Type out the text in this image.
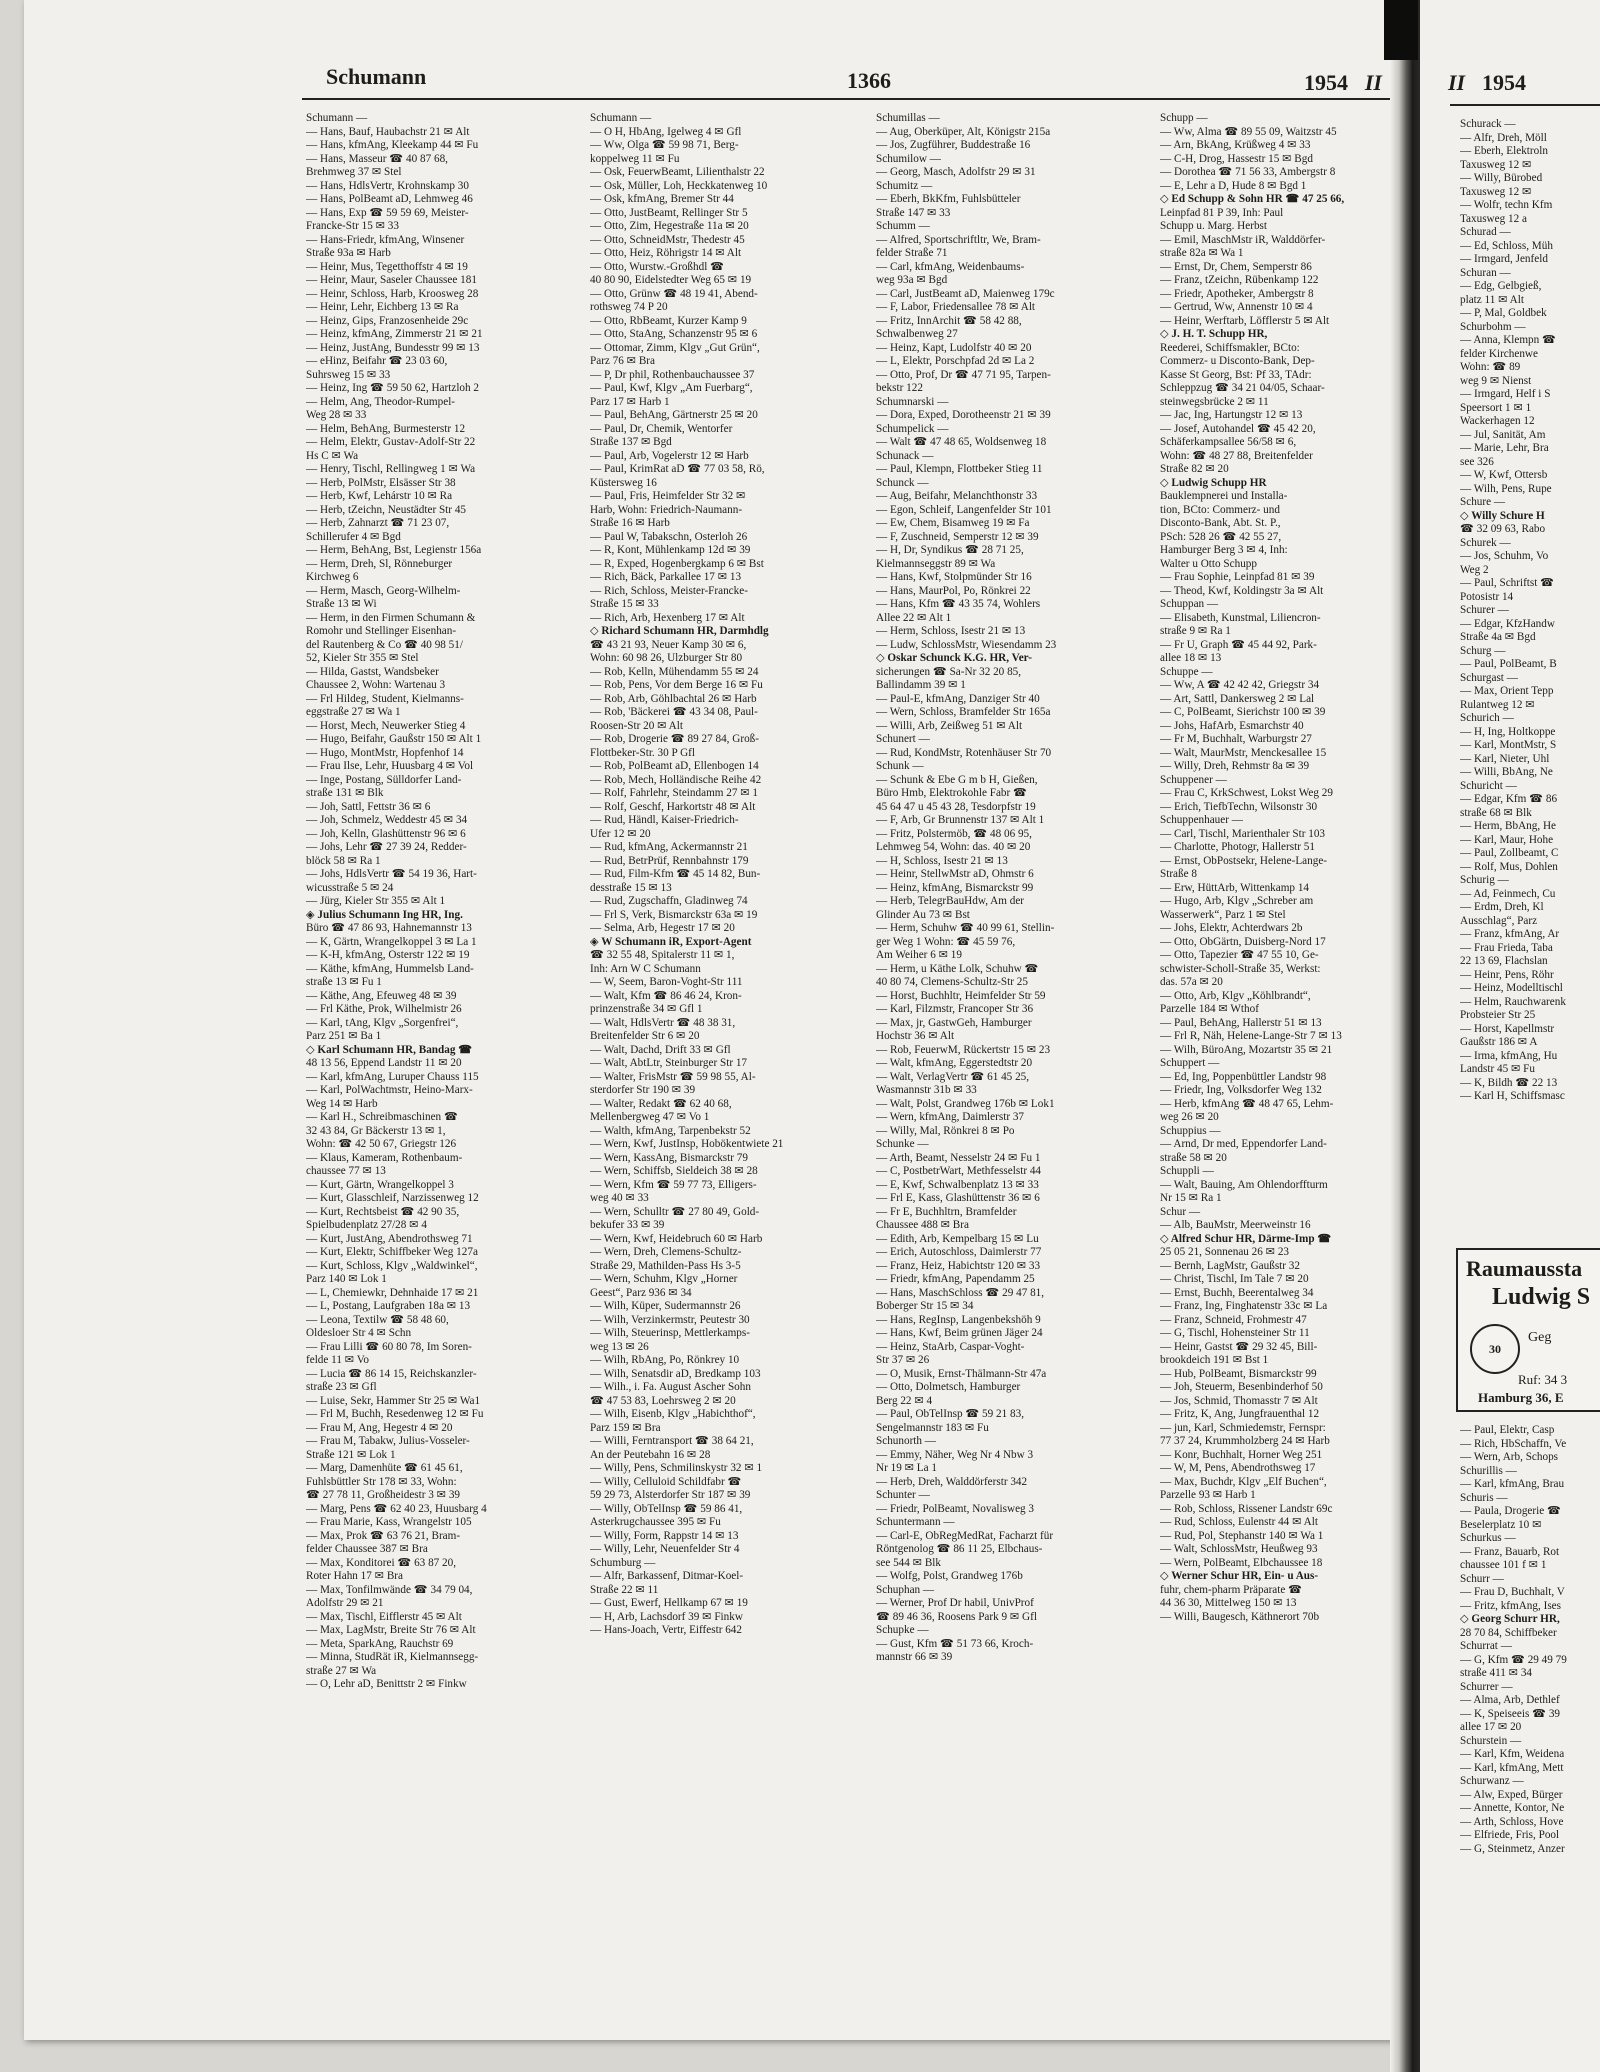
Schumann	1366	1954 II
Schumann —
— Hans, Bauf, Haubachstr 21 ✉ Alt
— Hans, kfmAng, Kleekamp 44 ✉ Fu
— Hans, Masseur ☎ 40 87 68,
Brehmweg 37 ✉ Stel
— Hans, HdlsVertr, Krohnskamp 30
— Hans, PolBeamt aD, Lehmweg 46
— Hans, Exp ☎ 59 59 69, Meister-
Francke-Str 15 ✉ 33
— Hans-Friedr, kfmAng, Winsener
Straße 93a ✉ Harb
— Heinr, Mus, Tegetthoffstr 4 ✉ 19
— Heinr, Maur, Saseler Chaussee 181
— Heinr, Schloss, Harb, Kroosweg 28
— Heinr, Lehr, Eichberg 13 ✉ Ra
— Heinz, Gips, Franzosenheide 29c
— Heinz, kfmAng, Zimmerstr 21 ✉ 21
— Heinz, JustAng, Bundesstr 99 ✉ 13
— eHinz, Beifahr ☎ 23 03 60,
Suhrsweg 15 ✉ 33
— Heinz, Ing ☎ 59 50 62, Hartzloh 2
— Helm, Ang, Theodor-Rumpel-
Weg 28 ✉ 33
— Helm, BehAng, Burmesterstr 12
— Helm, Elektr, Gustav-Adolf-Str 22
Hs C ✉ Wa
— Henry, Tischl, Rellingweg 1 ✉ Wa
— Herb, PolMstr, Elsässer Str 38
— Herb, Kwf, Lehárstr 10 ✉ Ra
— Herb, tZeichn, Neustädter Str 45
— Herb, Zahnarzt ☎ 71 23 07,
Schillerufer 4 ✉ Bgd
— Herm, BehAng, Bst, Legienstr 156a
— Herm, Dreh, Sl, Rönneburger
Kirchweg 6
— Herm, Masch, Georg-Wilhelm-
Straße 13 ✉ Wi
— Herm, in den Firmen Schumann &
Romohr und Stellinger Eisenhan-
del Rautenberg & Co ☎ 40 98 51/
52, Kieler Str 355 ✉ Stel
— Hilda, Gastst, Wandsbeker
Chaussee 2, Wohn: Wartenau 3
— Frl Hildeg, Student, Kielmanns-
eggstraße 27 ✉ Wa 1
— Horst, Mech, Neuwerker Stieg 4
— Hugo, Beifahr, Gaußstr 150 ✉ Alt 1
— Hugo, MontMstr, Hopfenhof 14
— Frau Ilse, Lehr, Huusbarg 4 ✉ Vol
— Inge, Postang, Sülldorfer Land-
straße 131 ✉ Blk
— Joh, Sattl, Fettstr 36 ✉ 6
— Joh, Schmelz, Weddestr 45 ✉ 34
— Joh, Kelln, Glashüttenstr 96 ✉ 6
— Johs, Lehr ☎ 27 39 24, Redder-
blöck 58 ✉ Ra 1
— Johs, HdlsVertr ☎ 54 19 36, Hart-
wicusstraße 5 ✉ 24
— Jürg, Kieler Str 355 ✉ Alt 1
◈ Julius Schumann Ing HR, Ing.
Büro ☎ 47 86 93, Hahnemannstr 13
— K, Gärtn, Wrangelkoppel 3 ✉ La 1
— K-H, kfmAng, Osterstr 122 ✉ 19
— Käthe, kfmAng, Hummelsb Land-
straße 13 ✉ Fu 1
— Käthe, Ang, Efeuweg 48 ✉ 39
— Frl Käthe, Prok, Wilhelmistr 26
— Karl, tAng, Klgv „Sorgenfrei“,
Parz 251 ✉ Ba 1
◇ Karl Schumann HR, Bandag ☎
48 13 56, Eppend Landstr 11 ✉ 20
— Karl, kfmAng, Luruper Chauss 115
— Karl, PolWachtmstr, Heino-Marx-
Weg 14 ✉ Harb
— Karl H., Schreibmaschinen ☎
32 43 84, Gr Bäckerstr 13 ✉ 1,
Wohn: ☎ 42 50 67, Griegstr 126
— Klaus, Kameram, Rothenbaum-
chaussee 77 ✉ 13
— Kurt, Gärtn, Wrangelkoppel 3
— Kurt, Glasschleif, Narzissenweg 12
— Kurt, Rechtsbeist ☎ 42 90 35,
Spielbudenplatz 27/28 ✉ 4
— Kurt, JustAng, Abendrothsweg 71
— Kurt, Elektr, Schiffbeker Weg 127a
— Kurt, Schloss, Klgv „Waldwinkel“,
Parz 140 ✉ Lok 1
— L, Chemiewkr, Dehnhaide 17 ✉ 21
— L, Postang, Laufgraben 18a ✉ 13
— Leona, Textilw ☎ 58 48 60,
Oldesloer Str 4 ✉ Schn
— Frau Lilli ☎ 60 80 78, Im Soren-
felde 11 ✉ Vo
— Lucia ☎ 86 14 15, Reichskanzler-
straße 23 ✉ Gfl
— Luise, Sekr, Hammer Str 25 ✉ Wa1
— Frl M, Buchh, Resedenweg 12 ✉ Fu
— Frau M, Ang, Hegestr 4 ✉ 20
— Frau M, Tabakw, Julius-Vosseler-
Straße 121 ✉ Lok 1
— Marg, Damenhüte ☎ 61 45 61,
Fuhlsbüttler Str 178 ✉ 33, Wohn:
☎ 27 78 11, Großheidestr 3 ✉ 39
— Marg, Pens ☎ 62 40 23, Huusbarg 4
— Frau Marie, Kass, Wrangelstr 105
— Max, Prok ☎ 63 76 21, Bram-
felder Chaussee 387 ✉ Bra
— Max, Konditorei ☎ 63 87 20,
Roter Hahn 17 ✉ Bra
— Max, Tonfilmwände ☎ 34 79 04,
Adolfstr 29 ✉ 21
— Max, Tischl, Eifflerstr 45 ✉ Alt
— Max, LagMstr, Breite Str 76 ✉ Alt
— Meta, SparkAng, Rauchstr 69
— Minna, StudRät iR, Kielmannsegg-
straße 27 ✉ Wa
— O, Lehr aD, Benittstr 2 ✉ Finkw
Schumann —
— O H, HbAng, Igelweg 4 ✉ Gfl
— Ww, Olga ☎ 59 98 71, Berg-
koppelweg 11 ✉ Fu
— Osk, FeuerwBeamt, Lilienthalstr 22
— Osk, Müller, Loh, Heckkatenweg 10
— Osk, kfmAng, Bremer Str 44
— Otto, JustBeamt, Rellinger Str 5
— Otto, Zim, Hegestraße 11a ✉ 20
— Otto, SchneidMstr, Thedestr 45
— Otto, Heiz, Röhrigstr 14 ✉ Alt
— Otto, Wurstw.-Großhdl ☎
40 80 90, Eidelstedter Weg 65 ✉ 19
— Otto, Grünw ☎ 48 19 41, Abend-
rothsweg 74 P 20
— Otto, RbBeamt, Kurzer Kamp 9
— Otto, StaAng, Schanzenstr 95 ✉ 6
— Ottomar, Zimm, Klgv „Gut Grün“,
Parz 76 ✉ Bra
— P, Dr phil, Rothenbauchaussee 37
— Paul, Kwf, Klgv „Am Fuerbarg“,
Parz 17 ✉ Harb 1
— Paul, BehAng, Gärtnerstr 25 ✉ 20
— Paul, Dr, Chemik, Wentorfer
Straße 137 ✉ Bgd
— Paul, Arb, Vogelerstr 12 ✉ Harb
— Paul, KrimRat aD ☎ 77 03 58, Rö,
Küstersweg 16
— Paul, Fris, Heimfelder Str 32 ✉
Harb, Wohn: Friedrich-Naumann-
Straße 16 ✉ Harb
— Paul W, Tabakschn, Osterloh 26
— R, Kont, Mühlenkamp 12d ✉ 39
— R, Exped, Hogenbergkamp 6 ✉ Bst
— Rich, Bäck, Parkallee 17 ✉ 13
— Rich, Schloss, Meister-Francke-
Straße 15 ✉ 33
— Rich, Arb, Hexenberg 17 ✉ Alt
◇ Richard Schumann HR, Darmhdlg
☎ 43 21 93, Neuer Kamp 30 ✉ 6,
Wohn: 60 98 26, Ulzburger Str 80
— Rob, Kelln, Mühendamm 55 ✉ 24
— Rob, Pens, Vor dem Berge 16 ✉ Fu
— Rob, Arb, Göhlbachtal 26 ✉ Harb
— Rob, 'Bäckerei ☎ 43 34 08, Paul-
Roosen-Str 20 ✉ Alt
— Rob, Drogerie ☎ 89 27 84, Groß-
Flottbeker-Str. 30 P Gfl
— Rob, PolBeamt aD, Ellenbogen 14
— Rob, Mech, Holländische Reihe 42
— Rolf, Fahrlehr, Steindamm 27 ✉ 1
— Rolf, Geschf, Harkortstr 48 ✉ Alt
— Rud, Händl, Kaiser-Friedrich-
Ufer 12 ✉ 20
— Rud, kfmAng, Ackermannstr 21
— Rud, BetrPrüf, Rennbahnstr 179
— Rud, Film-Kfm ☎ 45 14 82, Bun-
desstraße 15 ✉ 13
— Rud, Zugschaffn, Gladinweg 74
— Frl S, Verk, Bismarckstr 63a ✉ 19
— Selma, Arb, Hegestr 17 ✉ 20
◈ W Schumann iR, Export-Agent
☎ 32 55 48, Spitalerstr 11 ✉ 1,
Inh: Arn W C Schumann
— W, Seem, Baron-Voght-Str 111
— Walt, Kfm ☎ 86 46 24, Kron-
prinzenstraße 34 ✉ Gfl 1
— Walt, HdlsVertr ☎ 48 38 31,
Breitenfelder Str 6 ✉ 20
— Walt, Dachd, Drift 33 ✉ Gfl
— Walt, AbtLtr, Steinburger Str 17
— Walter, FrisMstr ☎ 59 98 55, Al-
sterdorfer Str 190 ✉ 39
— Walter, Redakt ☎ 62 40 68,
Mellenbergweg 47 ✉ Vo 1
— Walth, kfmAng, Tarpenbekstr 52
— Wern, Kwf, JustInsp, Hobökentwiete 21
— Wern, KassAng, Bismarckstr 79
— Wern, Schiffsb, Sieldeich 38 ✉ 28
— Wern, Kfm ☎ 59 77 73, Elligers-
weg 40 ✉ 33
— Wern, Schulltr ☎ 27 80 49, Gold-
bekufer 33 ✉ 39
— Wern, Kwf, Heidebruch 60 ✉ Harb
— Wern, Dreh, Clemens-Schultz-
Straße 29, Mathilden-Pass Hs 3-5
— Wern, Schuhm, Klgv „Horner
Geest“, Parz 936 ✉ 34
— Wilh, Küper, Sudermannstr 26
— Wilh, Verzinkermstr, Peutestr 30
— Wilh, Steuerinsp, Mettlerkamps-
weg 13 ✉ 26
— Wilh, RbAng, Po, Rönkrey 10
— Wilh, Senatsdir aD, Bredkamp 103
— Wilh., i. Fa. August Ascher Sohn
☎ 47 53 83, Loehrsweg 2 ✉ 20
— Wilh, Eisenb, Klgv „Habichthof“,
Parz 159 ✉ Bra
— Willi, Ferntransport ☎ 38 64 21,
An der Peutebahn 16 ✉ 28
— Willy, Pens, Schmilinskystr 32 ✉ 1
— Willy, Celluloid Schildfabr ☎
59 29 73, Alsterdorfer Str 187 ✉ 39
— Willy, ObTelInsp ☎ 59 86 41,
Asterkrugchaussee 395 ✉ Fu
— Willy, Form, Rappstr 14 ✉ 13
— Willy, Lehr, Neuenfelder Str 4
Schumburg —
— Alfr, Barkassenf, Ditmar-Koel-
Straße 22 ✉ 11
— Gust, Ewerf, Hellkamp 67 ✉ 19
— H, Arb, Lachsdorf 39 ✉ Finkw
— Hans-Joach, Vertr, Eiffestr 642
Schumillas —
— Aug, Oberküper, Alt, Königstr 215a
— Jos, Zugführer, Buddestraße 16
Schumilow —
— Georg, Masch, Adolfstr 29 ✉ 31
Schumitz —
— Eberh, BkKfm, Fuhlsbütteler
Straße 147 ✉ 33
Schumm —
— Alfred, Sportschriftltr, We, Bram-
felder Straße 71
— Carl, kfmAng, Weidenbaums-
weg 93a ✉ Bgd
— Carl, JustBeamt aD, Maienweg 179c
— F, Labor, Friedensallee 78 ✉ Alt
— Fritz, InnArchit ☎ 58 42 88,
Schwalbenweg 27
— Heinz, Kapt, Ludolfstr 40 ✉ 20
— L, Elektr, Porschpfad 2d ✉ La 2
— Otto, Prof, Dr ☎ 47 71 95, Tarpen-
bekstr 122
Schumnarski —
— Dora, Exped, Dorotheenstr 21 ✉ 39
Schumpelick —
— Walt ☎ 47 48 65, Woldsenweg 18
Schunack —
— Paul, Klempn, Flottbeker Stieg 11
Schunck —
— Aug, Beifahr, Melanchthonstr 33
— Egon, Schleif, Langenfelder Str 101
— Ew, Chem, Bisamweg 19 ✉ Fa
— F, Zuschneid, Semperstr 12 ✉ 39
— H, Dr, Syndikus ☎ 28 71 25,
Kielmannseggstr 89 ✉ Wa
— Hans, Kwf, Stolpmünder Str 16
— Hans, MaurPol, Po, Rönkrei 22
— Hans, Kfm ☎ 43 35 74, Wohlers
Allee 22 ✉ Alt 1
— Herm, Schloss, Isestr 21 ✉ 13
— Ludw, SchlossMstr, Wiesendamm 23
◇ Oskar Schunck K.G. HR, Ver-
sicherungen ☎ Sa-Nr 32 20 85,
Ballindamm 39 ✉ 1
— Paul-E, kfmAng, Danziger Str 40
— Wern, Schloss, Bramfelder Str 165a
— Willi, Arb, Zeißweg 51 ✉ Alt
Schunert —
— Rud, KondMstr, Rotenhäuser Str 70
Schunk —
— Schunk & Ebe G m b H, Gießen,
Büro Hmb, Elektrokohle Fabr ☎
45 64 47 u 45 43 28, Tesdorpfstr 19
— F, Arb, Gr Brunnenstr 137 ✉ Alt 1
— Fritz, Polstermöb, ☎ 48 06 95,
Lehmweg 54, Wohn: das. 40 ✉ 20
— H, Schloss, Isestr 21 ✉ 13
— Heinr, StellwMstr aD, Ohmstr 6
— Heinz, kfmAng, Bismarckstr 99
— Herb, TelegrBauHdw, Am der
Glinder Au 73 ✉ Bst
— Herm, Schuhw ☎ 40 99 61, Stellin-
ger Weg 1 Wohn: ☎ 45 59 76,
Am Weiher 6 ✉ 19
— Herm, u Käthe Lolk, Schuhw ☎
40 80 74, Clemens-Schultz-Str 25
— Horst, Buchhltr, Heimfelder Str 59
— Karl, Filzmstr, Francoper Str 36
— Max, jr, GastwGeh, Hamburger
Hochstr 36 ✉ Alt
— Rob, FeuerwM, Rückertstr 15 ✉ 23
— Walt, kfmAng, Eggerstedtstr 20
— Walt, VerlagVertr ☎ 61 45 25,
Wasmannstr 31b ✉ 33
— Walt, Polst, Grandweg 176b ✉ Lok1
— Wern, kfmAng, Daimlerstr 37
— Willy, Mal, Rönkrei 8 ✉ Po
Schunke —
— Arth, Beamt, Nesselstr 24 ✉ Fu 1
— C, PostbetrWart, Methfesselstr 44
— E, Kwf, Schwalbenplatz 13 ✉ 33
— Frl E, Kass, Glashüttenstr 36 ✉ 6
— Fr E, Buchhltrn, Bramfelder
Chaussee 488 ✉ Bra
— Edith, Arb, Kempelbarg 15 ✉ Lu
— Erich, Autoschloss, Daimlerstr 77
— Franz, Heiz, Habichtstr 120 ✉ 33
— Friedr, kfmAng, Papendamm 25
— Hans, MaschSchloss ☎ 29 47 81,
Boberger Str 15 ✉ 34
— Hans, RegInsp, Langenbekshöh 9
— Hans, Kwf, Beim grünen Jäger 24
— Heinz, StaArb, Caspar-Voght-
Str 37 ✉ 26
— O, Musik, Ernst-Thälmann-Str 47a
— Otto, Dolmetsch, Hamburger
Berg 22 ✉ 4
— Paul, ObTelInsp ☎ 59 21 83,
Sengelmannstr 183 ✉ Fu
Schunorth —
— Emmy, Näher, Weg Nr 4 Nbw 3
Nr 19 ✉ La 1
— Herb, Dreh, Walddörferstr 342
Schunter —
— Friedr, PolBeamt, Novalisweg 3
Schuntermann —
— Carl-E, ObRegMedRat, Facharzt für
Röntgenolog ☎ 86 11 25, Elbchaus-
see 544 ✉ Blk
— Wolfg, Polst, Grandweg 176b
Schuphan —
— Werner, Prof Dr habil, UnivProf
☎ 89 46 36, Roosens Park 9 ✉ Gfl
Schupke —
— Gust, Kfm ☎ 51 73 66, Kroch-
mannstr 66 ✉ 39
Schupp —
— Ww, Alma ☎ 89 55 09, Waitzstr 45
— Arn, BkAng, Krüßweg 4 ✉ 33
— C-H, Drog, Hassestr 15 ✉ Bgd
— Dorothea ☎ 71 56 33, Ambergstr 8
— E, Lehr a D, Hude 8 ✉ Bgd 1
◇ Ed Schupp & Sohn HR ☎ 47 25 66,
Leinpfad 81 P 39, Inh: Paul
Schupp u. Marg. Herbst
— Emil, MaschMstr iR, Walddörfer-
straße 82a ✉ Wa 1
— Ernst, Dr, Chem, Semperstr 86
— Franz, tZeichn, Rübenkamp 122
— Friedr, Apotheker, Ambergstr 8
— Gertrud, Ww, Annenstr 10 ✉ 4
— Heinr, Werftarb, Löfflerstr 5 ✉ Alt
◇ J. H. T. Schupp HR,
Reederei, Schiffsmakler, BCto:
Commerz- u Disconto-Bank, Dep-
Kasse St Georg, Bst: Pf 33, TAdr:
Schleppzug ☎ 34 21 04/05, Schaar-
steinwegsbrücke 2 ✉ 11
— Jac, Ing, Hartungstr 12 ✉ 13
— Josef, Autohandel ☎ 45 42 20,
Schäferkampsallee 56/58 ✉ 6,
Wohn: ☎ 48 27 88, Breitenfelder
Straße 82 ✉ 20
◇ Ludwig Schupp HR
Bauklempnerei und Installa-
tion, BCto: Commerz- und
Disconto-Bank, Abt. St. P.,
PSch: 528 26 ☎ 42 55 27,
Hamburger Berg 3 ✉ 4, Inh:
Walter u Otto Schupp
— Frau Sophie, Leinpfad 81 ✉ 39
— Theod, Kwf, Koldingstr 3a ✉ Alt
Schuppan —
— Elisabeth, Kunstmal, Liliencron-
straße 9 ✉ Ra 1
— Fr U, Graph ☎ 45 44 92, Park-
allee 18 ✉ 13
Schuppe —
— Ww, A ☎ 42 42 42, Griegstr 34
— Art, Sattl, Dankersweg 2 ✉ Lal
— C, PolBeamt, Sierichstr 100 ✉ 39
— Johs, HafArb, Esmarchstr 40
— Fr M, Buchhalt, Warburgstr 27
— Walt, MaurMstr, Menckesallee 15
— Willy, Dreh, Rehmstr 8a ✉ 39
Schuppener —
— Frau C, KrkSchwest, Lokst Weg 29
— Erich, TiefbTechn, Wilsonstr 30
Schuppenhauer —
— Carl, Tischl, Marienthaler Str 103
— Charlotte, Photogr, Hallerstr 51
— Ernst, ObPostsekr, Helene-Lange-
Straße 8
— Erw, HüttArb, Wittenkamp 14
— Hugo, Arb, Klgv „Schreber am
Wasserwerk“, Parz 1 ✉ Stel
— Johs, Elektr, Achterdwars 2b
— Otto, ObGärtn, Duisberg-Nord 17
— Otto, Tapezier ☎ 47 55 10, Ge-
schwister-Scholl-Straße 35, Werkst:
das. 57a ✉ 20
— Otto, Arb, Klgv „Köhlbrandt“,
Parzelle 184 ✉ Wthof
— Paul, BehAng, Hallerstr 51 ✉ 13
— Frl R, Näh, Helene-Lange-Str 7 ✉ 13
— Wilh, BüroAng, Mozartstr 35 ✉ 21
Schuppert —
— Ed, Ing, Poppenbüttler Landstr 98
— Friedr, Ing, Volksdorfer Weg 132
— Herb, kfmAng ☎ 48 47 65, Lehm-
weg 26 ✉ 20
Schuppius —
— Arnd, Dr med, Eppendorfer Land-
straße 58 ✉ 20
Schuppli —
— Walt, Bauing, Am Ohlendorffturm
Nr 15 ✉ Ra 1
Schur —
— Alb, BauMstr, Meerweinstr 16
◇ Alfred Schur HR, Därme-Imp ☎
25 05 21, Sonnenau 26 ✉ 23
— Bernh, LagMstr, Gaußstr 32
— Christ, Tischl, Im Tale 7 ✉ 20
— Ernst, Buchh, Beerentalweg 34
— Franz, Ing, Finghatenstr 33c ✉ La
— Franz, Schneid, Frohmestr 47
— G, Tischl, Hohensteiner Str 11
— Heinr, Gastst ☎ 29 32 45, Bill-
brookdeich 191 ✉ Bst 1
— Hub, PolBeamt, Bismarckstr 99
— Joh, Steuerm, Besenbinderhof 50
— Jos, Schmid, Thomasstr 7 ✉ Alt
— Fritz, K, Ang, Jungfrauenthal 12
— jun, Karl, Schmiedemstr, Fernspr:
77 37 24, Krummholzberg 24 ✉ Harb
— Konr, Buchhalt, Horner Weg 251
— W, M, Pens, Abendrothsweg 17
— Max, Buchdr, Klgv „Elf Buchen“,
Parzelle 93 ✉ Harb 1
— Rob, Schloss, Rissener Landstr 69c
— Rud, Schloss, Eulenstr 44 ✉ Alt
— Rud, Pol, Stephanstr 140 ✉ Wa 1
— Walt, SchlossMstr, Heußweg 93
— Wern, PolBeamt, Elbchaussee 18
◇ Werner Schur HR, Ein- u Aus-
fuhr, chem-pharm Präparate ☎
44 36 30, Mittelweg 150 ✉ 13
— Willi, Baugesch, Käthnerort 70b
II 1954
Schurack —
— Alfr, Dreh, Möll
— Eberh, Elektroln
Taxusweg 12 ✉
— Willy, Bürobed
Taxusweg 12 ✉
— Wolfr, techn Kfm
Taxusweg 12 a
Schurad —
— Ed, Schloss, Müh
— Irmgard, Jenfeld
Schuran —
— Edg, Gelbgieß,
platz 11 ✉ Alt
— P, Mal, Goldbek
Schurbohm —
— Anna, Klempn ☎
felder Kirchenwe
Wohn: ☎ 89
weg 9 ✉ Nienst
— Irmgard, Helf i S
Speersort 1 ✉ 1
Wackerhagen 12
— Jul, Sanität, Am
— Marie, Lehr, Bra
see 326
— W, Kwf, Ottersb
— Wilh, Pens, Rupe
Schure —
◇ Willy Schure H
☎ 32 09 63, Rabo
Schurek —
— Jos, Schuhm, Vo
Weg 2
— Paul, Schriftst ☎
Potosistr 14
Schurer —
— Edgar, KfzHandw
Straße 4a ✉ Bgd
Schurg —
— Paul, PolBeamt, B
Schurgast —
— Max, Orient Tepp
Rulantweg 12 ✉
Schurich —
— H, Ing, Holtkoppe
— Karl, MontMstr, S
— Karl, Nieter, Uhl
— Willi, BbAng, Ne
Schuricht —
— Edgar, Kfm ☎ 86
straße 68 ✉ Blk
— Herm, BbAng, He
— Karl, Maur, Hohe
— Paul, Zollbeamt, C
— Rolf, Mus, Dohlen
Schurig —
— Ad, Feinmech, Cu
— Erdm, Dreh, Kl
Ausschlag“, Parz
— Franz, kfmAng, Ar
— Frau Frieda, Taba
22 13 69, Flachslan
— Heinr, Pens, Röhr
— Heinz, Modelltischl
— Helm, Rauchwarenk
Probsteier Str 25
— Horst, Kapellmstr
Gaußstr 186 ✉ A
— Irma, kfmAng, Hu
Landstr 45 ✉ Fu
— K, Bildh ☎ 22 13
— Karl H, Schiffsmasc
Raumaussta
Ludwig S
30
Geg
Ruf: 34 3
Hamburg 36, E
— Paul, Elektr, Casp
— Rich, HbSchaffn, Ve
— Wern, Arb, Schops
Schurillis —
— Karl, kfmAng, Brau
Schuris —
— Paula, Drogerie ☎
Beselerplatz 10 ✉
Schurkus —
— Franz, Bauarb, Rot
chaussee 101 f ✉ 1
Schurr —
— Frau D, Buchhalt, V
— Fritz, kfmAng, Ises
◇ Georg Schurr HR,
28 70 84, Schiffbeker
Schurrat —
— G, Kfm ☎ 29 49 79
straße 411 ✉ 34
Schurrer —
— Alma, Arb, Dethlef
— K, Speiseeis ☎ 39
allee 17 ✉ 20
Schurstein —
— Karl, Kfm, Weidena
— Karl, kfmAng, Mett
Schurwanz —
— Alw, Exped, Bürger
— Annette, Kontor, Ne
— Arth, Schloss, Hove
— Elfriede, Fris, Pool
— G, Steinmetz, Anzer
